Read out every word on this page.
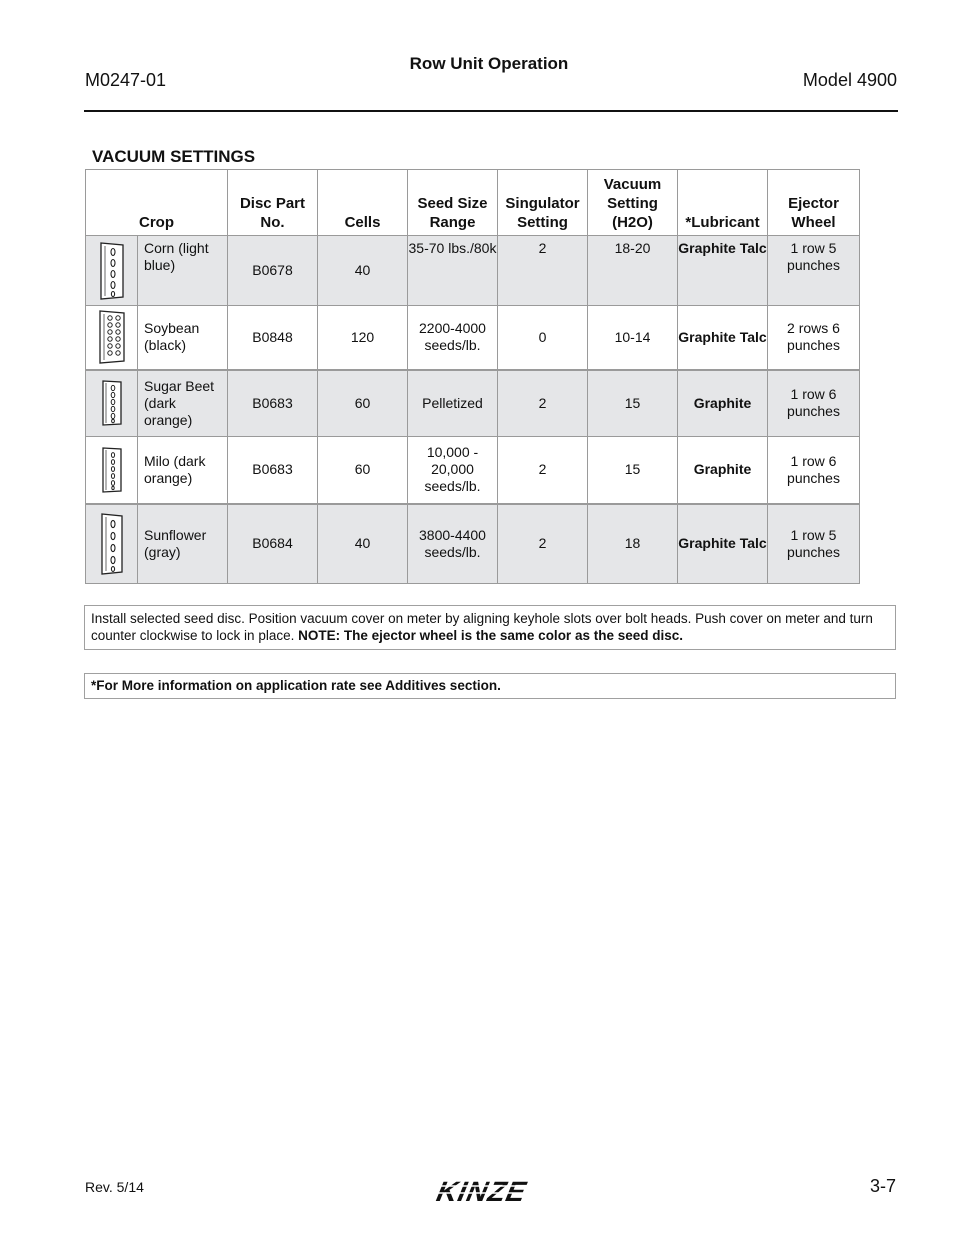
M0247-01
Row Unit Operation
Model 4900
VACUUM SETTINGS
Crop		Disc Part No.	Cells	Seed Size Range	Singulator Setting	Vacuum Setting (H2O)	*Lubricant	Ejector Wheel

	Corn (light blue)	B0678	40	35-70 lbs./80k	2	18-20	Graphite Talc	1 row 5 punches

	Soybean (black)	B0848	120	2200-4000 seeds/lb.	0	10-14	Graphite Talc	2 rows 6 punches

	Sugar Beet (dark orange)	B0683	60	Pelletized	2	15	Graphite	1 row 6 punches

	Milo (dark orange)	B0683	60	10,000 - 20,000 seeds/lb.	2	15	Graphite	1 row 6 punches

	Sunflower (gray)	B0684	40	3800-4400 seeds/lb.	2	18	Graphite Talc	1 row 5 punches
Install selected seed disc. Position vacuum cover on meter by aligning keyhole slots over bolt heads. Push cover on meter and turn counter clockwise to lock in place. NOTE: The ejector wheel is the same color as the seed disc.
*For More information on application rate see Additives section.
Rev. 5/14	KINZE	3-7
